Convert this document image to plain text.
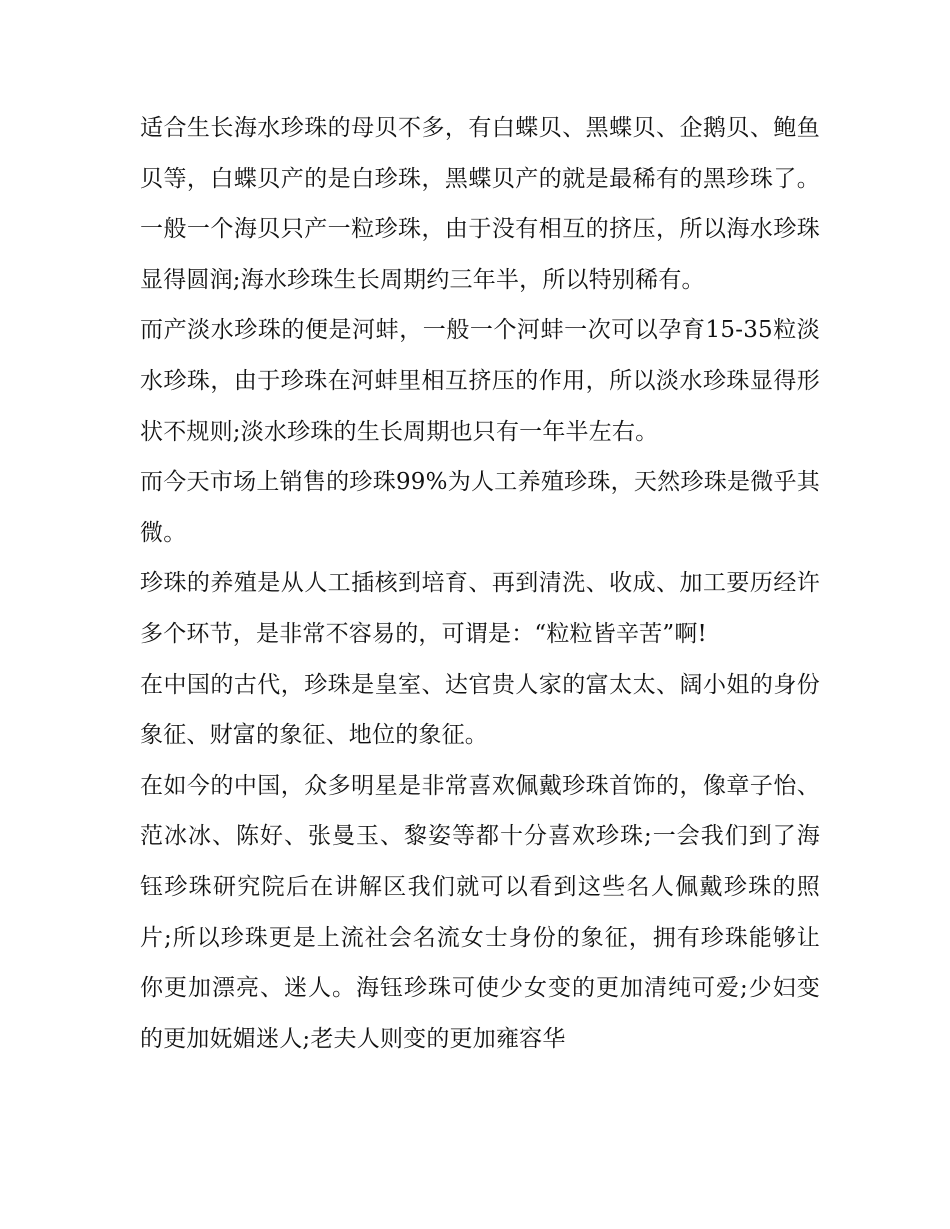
适合生长海水珍珠的母贝不多，有白蝶贝、黑蝶贝、企鹅贝、鲍鱼贝等，白蝶贝产的是白珍珠，黑蝶贝产的就是最稀有的黑珍珠了。一般一个海贝只产一粒珍珠，由于没有相互的挤压，所以海水珍珠显得圆润;海水珍珠生长周期约三年半，所以特别稀有。

而产淡水珍珠的便是河蚌，一般一个河蚌一次可以孕育15-35粒淡水珍珠，由于珍珠在河蚌里相互挤压的作用，所以淡水珍珠显得形状不规则;淡水珍珠的生长周期也只有一年半左右。

而今天市场上销售的珍珠99%为人工养殖珍珠，天然珍珠是微乎其微。

珍珠的养殖是从人工插核到培育、再到清洗、收成、加工要历经许多个环节，是非常不容易的，可谓是：“粒粒皆辛苦”啊!

在中国的古代，珍珠是皇室、达官贵人家的富太太、阔小姐的身份象征、财富的象征、地位的象征。

在如今的中国，众多明星是非常喜欢佩戴珍珠首饰的，像章子怡、范冰冰、陈好、张曼玉、黎姿等都十分喜欢珍珠;一会我们到了海钰珍珠研究院后在讲解区我们就可以看到这些名人佩戴珍珠的照片;所以珍珠更是上流社会名流女士身份的象征，拥有珍珠能够让你更加漂亮、迷人。海钰珍珠可使少女变的更加清纯可爱;少妇变的更加妩媚迷人;老夫人则变的更加雍容华
